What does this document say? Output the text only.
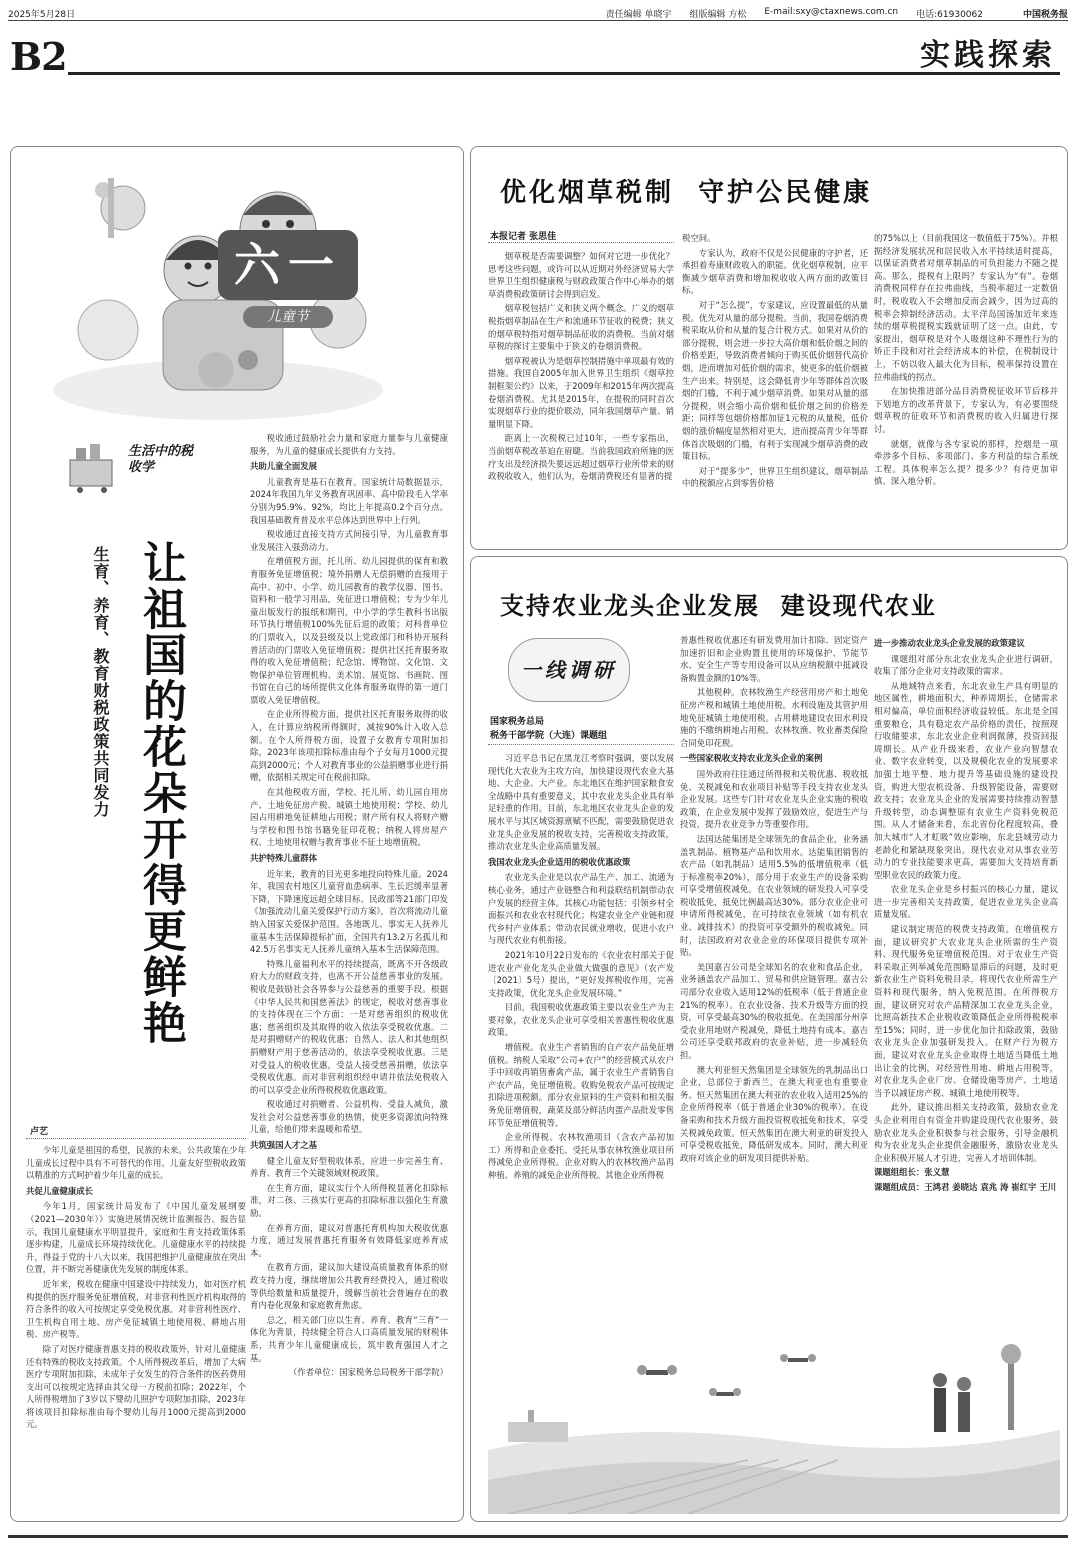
2025年5月28日	责任编辑 单晓宇 组版编辑 方松 E-mail:sxy@ctaxnews.com.cn 电话:61930062	中国税务报
B2	实践探索
六一
儿童节
生活中的税收学
让祖国的花朵开得更鲜艳
生育、养育、教育财税政策共同发力
卢艺

少年儿童是祖国的希望，民族的未来。公共政策在少年儿童成长过程中具有不可替代的作用。儿童友好型税收政策以精准的方式呵护着少年儿童的成长。

共促儿童健康成长

今年1月，国家统计局发布了《中国儿童发展纲要（2021—2030年）》实施进展情况统计监测报告。报告显示，我国儿童健康水平明显提升，家庭和生育支持政策体系逐步构建，儿童成长环境持续优化。儿童健康水平的持续提升，得益于党的十八大以来，我国把维护儿童健康放在突出位置，并不断完善健康优先发展的制度体系。

近年来，税收在健康中国建设中持续发力，如对医疗机构提供的医疗服务免征增值税，对非营利性医疗机构取得的符合条件的收入可按规定享受免税优惠。对非营利性医疗、卫生机构自用土地、房产免征城镇土地使用税、耕地占用税、房产税等。

除了对医疗健康普惠支持的税收政策外，针对儿童健康还有特殊的税收支持政策。个人所得税改革后，增加了大病医疗专项附加扣除，未成年子女发生的符合条件的医药费用支出可以按规定选择由其父母一方税前扣除；2022年，个人所得税增加了3岁以下婴幼儿照护专项附加扣除，2023年将该项目扣除标准由每个婴幼儿每月1000元提高到2000元。

税收通过鼓励社会力量和家庭力量参与儿童健康服务，为儿童的健康成长提供有力支持。

共助儿童全面发展

儿童教育是基石在教育。国家统计局数据显示，2024年我国九年义务教育巩固率、高中阶段毛入学率分别为95.9%、92%，均比上年提高0.2个百分点。我国基础教育普及水平总体达到世界中上行列。

税收通过直接支持方式间接引导，为儿童教育事业发展注入强劲动力。

在增值税方面，托儿所、幼儿园提供的保育和教育服务免征增值税；境外捐赠人无偿捐赠的直接用于高中、初中、小学、幼儿园教育的教学仪器、图书、资料和一般学习用品，免征进口增值税；专为少年儿童出版发行的报纸和期刊，中小学的学生教科书出版环节执行增值税100%先征后退的政策；对科普单位的门票收入，以及县级及以上党政部门和科协开展科普活动的门票收入免征增值税；提供社区托育服务取得的收入免征增值税；纪念馆、博物馆、文化馆、文物保护单位管理机构、美术馆、展览馆、书画院、图书馆在自己的场所提供文化体育服务取得的第一道门票收入免征增值税。

在企业所得税方面，提供社区托育服务取得的收入，在计算应纳税所得额时，减按90%计入收入总额。在个人所得税方面，设置子女教育专项附加扣除，2023年该项扣除标准由每个子女每月1000元提高到2000元；个人对教育事业的公益捐赠事业进行捐赠，依据相关规定可在税前扣除。

在其他税收方面，学校、托儿所、幼儿园自用房产、土地免征房产税、城镇土地使用税；学校、幼儿园占用耕地免征耕地占用税；财产所有权人将财产赠与学校和图书馆书籍免征印花税；纳税人将房屋产权、土地使用权赠与教育事业不征土地增值税。

共护特殊儿童群体

近年来，教育的目光更多地投向特殊儿童。2024年，我国农村地区儿童营血患病率、生长迟缓率显著下降，下降速度远超全球目标。民政部等21部门印发《加强流动儿童关爱保护行动方案》，首次将流动儿童纳入国家关爱保护范围。各地既儿、事实无人抚养儿童基本生活保障提标扩面，全国共有13.2万名孤儿和42.5万名事实无人抚养儿童纳入基本生活保障范围。

特殊儿童福利水平的持续提高，既离不开各级政府大力的财政支持，也离不开公益慈善事业的发展。税收是鼓励社会各界参与公益慈善的重要手段。根据《中华人民共和国慈善法》的规定，税收对慈善事业的支持体现在三个方面：一是对慈善组织的税收优惠；慈善组织及其取得的收入依法享受税收优惠。二是对捐赠财产的税收优惠；自然人、法人和其他组织捐赠财产用于慈善活动的，依法享受税收优惠。三是对受益人的税收优惠，受益人接受慈善捐赠，依法享受税收优惠。而对非营利组织经申请并依法免税收入的可以享受企业所得税税收优惠政策。

税收通过对捐赠者、公益机构、受益人减负，激发社会对公益慈善事业的热情，使更多资源流向特殊儿童，给他们带来温暖和希望。

共筑强国人才之基

健全儿童友好型税收体系，应进一步完善生育、养育、教育三个关键领域财税政策。

在生育方面，建议实行个人所得税显著化扣除标准，对二孩、三孩实行更高的扣除标准以强化生育激励。

在养育方面，建议对普惠托育机构加大税收优惠力度，通过发展普惠托育服务有效降低家庭养育成本。

在教育方面，建议加大建设高质量教育体系的财政支持力度，继续增加公共教育经费投入，通过税收等供给数量和质量提升，缓解当前社会普遍存在的教育内卷化现象和家庭教育焦虑。

总之，相关部门应以生育、养育、教育“三育”一体化为背景，持续健全符合人口高质量发展的财税体系，共育少年儿童健康成长，筑牢教育强国人才之基。

（作者单位：国家税务总局税务干部学院）

优化烟草税制  守护公民健康
本报记者 张思佳

烟草税是否需要调整？如何对它进一步优化？思考这些问题，或许可以从近期对外经济贸易大学世界卫生组织健康税与财政政策合作中心举办的烟草消费税政策研讨会得到启发。

烟草税包括广义和狭义两个概念。广义的烟草税指烟草制品在生产和流通环节征收的税费；狭义的烟草税特指对烟草制品征收的消费税。当前对烟草税的探讨主要集中于狭义的卷烟消费税。

烟草税被认为是烟草控制措施中单项最有效的措施。我国自2005年加入世界卫生组织《烟草控制框架公约》以来，于2009年和2015年两次提高卷烟消费税。尤其是2015年，在提税的同时首次实现烟草行业的提价联动，同年我国烟草产量、销量明显下降。

距离上一次税税已过10年，一些专家指出，当前烟草税改革迫在眉睫。当前我国政府所施的医疗支出及经济损失要远远超过烟草行业所带来的财政税收收入，他们认为，卷烟消费税还有显著的提

税空间。

专家认为，政府不仅是公民健康的守护者，还承担着寿康财政收入的职能。优化烟草税制，应平衡减少烟草消费和增加税收收入两方面的政策目标。

对于“怎么提”，专家建议，应设置最低的从量税。优先对从量的部分提税。当前，我国卷烟消费税采取从价和从量的复合计税方式。如果对从价的部分提税，则会进一步拉大高价烟和低价烟之间的价格差距，导致消费者倾向于购买低价烟替代高价烟，进而增加对低价烟的需求，使更多的低价烟被生产出来。特别是，这会降低青少年等群体首次吸烟的门槛，不利于减少烟草消费。如果对从量的部分提税，则会缩小高价烟和低价烟之间的价格差距；同样等包烟价格都加征1元税的从量税，低价烟的涨价幅度显然相对更大，进而提高青少年等群体首次吸烟的门槛，有利于实现减少烟草消费的政策目标。

对于“提多少”，世界卫生组织建议，烟草制品中的税额应占到零售价格

的75%以上（目前我国这一数值低于75%）。并根据经济发展状况和居民收入水平持续适时提高，以保证消费者对烟草制品的可负担能力不随之提高。那么，提税有上限吗？专家认为“有”。卷烟消费税同样存在拉弗曲线，当税率超过一定数值时，税收收入不会增加反而会减少，因为过高的税率会抑制经济活动。太平洋岛国汤加近年来连续的烟草税提税实践就证明了这一点。由此，专家提出，烟草税是对个人吸烟这种不理性行为的矫正手段和对社会经济成本的补偿，在税制设计上，不妨以收入最大化为目标，税率保持设置在拉弗曲线的拐点。

在加快推进部分品目消费税征收环节后移并下划地方的改革背景下，专家认为，有必要围绕烟草税的征收环节和消费税的收入归属进行探讨。

就烟，就像与各专家说的那样，控烟是一项牵涉多个目标、多项部门、多方利益的综合系统工程。具体税率怎么提？提多少？有待更加审慎、深入地分析。

支持农业龙头企业发展  建设现代农业
一线调研
国家税务总局
税务干部学院（大连）课题组

习近平总书记在黑龙江考察时强调，要以发展现代化大农业为主攻方向，加快建设现代农业大基地、大企业、大产业。东北地区在维护国家粮食安全战略中具有重要意义，其中农业龙头企业具有举足轻重的作用。目前，东北地区农业龙头企业的发展水平与其区域资源禀赋不匹配，需要鼓励促进农业龙头企业发展的税收支持，完善税收支持政策，推动农业龙头企业高质量发展。

我国农业龙头企业适用的税收优惠政策

农业龙头企业是以农产品生产、加工、流通为核心业务，通过产业链整合和利益联结机制带动农户发展的经营主体。其核心功能包括：引领乡村全面振兴和农业农村现代化；构建农业全产业链和现代乡村产业体系；带动农民就业增收，促进小农户与现代农业有机衔接。

2021年10月22日发布的《农业农村部关于促进农业产业化龙头企业做大做强的意见》（农产发〔2021〕5号）提出，“更好发挥税收作用，完善支持政策，优化龙头企业发展环境。”

目前，我国税收优惠政策主要以农业生产为主要对象，农业龙头企业可享受相关普惠性税收优惠政策。

增值税。农业生产者销售的自产农产品免征增值税。纳税人采取“公司+农户”的经营模式从农户手中回收再销售畜禽产品，属于农业生产者销售自产农产品，免征增值税。收购免税农产品可按规定扣除进项税额。部分农业原料的生产资料和相关服务免征增值税，蔬菜及部分鲜活肉蛋产品批发零售环节免征增值税等。

企业所得税。农林牧渔项目（含农产品初加工）所得和企业委托、受托从事农林牧渔业项目所得减免企业所得税。企业对购入的农林牧渔产品再种植、养殖的减免企业所得税。其他企业所得税

普惠性税收优惠还有研发费用加计扣除、固定资产加速折旧和企业购置且使用的环境保护、节能节水、安全生产等专用设备可以从应纳税额中抵减设备购置金额的10%等。

其他税种。农林牧渔生产经营用房产和土地免征房产税和城镇土地使用税。水利设施及其管护用地免征城镇土地使用税。占用耕地建设农田水利设施的不缴纳耕地占用税。农林牧渔、牧业畜类保险合同免印花税。

一些国家税收支持农业龙头企业的案例

国外政府往往通过所得税和关税优惠、税收抵免、关税减免和农业项目补贴等手段支持农业龙头企业发展。这些专门针对农业龙头企业实施的税收政策，在企业发展中发挥了鼓励效应，促进生产与投资，提升农业竞争力等重要作用。

法国达能集团是全球领先的食品企业，业务涵盖乳制品、植物基产品和饮用水。达能集团销售的农产品（如乳制品）适用5.5%的低增值税率（低于标准税率20%），部分用于农业生产的设备采购可享受增值税减免。在农业领域的研发投入可享受税收抵免，抵免比例最高达30%。部分农业企业可申请所得税减免，在可持续农业领域（如有机农业、减排技术）的投资可享受额外的税收减免。同时，法国政府对农业企业的环保项目提供专项补贴。

美国嘉吉公司是全球知名的农业和食品企业，业务涵盖农产品加工、贸易和供应链管理。嘉吉公司部分农业收入适用12%的低税率（低于普通企业21%的税率）。在农业设备、技术升级等方面的投资，可享受最高30%的税收抵免。在美国部分州享受农业用地财产税减免，降低土地持有成本。嘉吉公司还享受联邦政府的农业补贴，进一步减轻负担。

澳大利亚恒天然集团是全球领先的乳制品出口企业，总部位于新西兰，在澳大利亚也有重要业务。恒天然集团在澳大利亚的农业收入适用25%的企业所得税率（低于普通企业30%的税率）。在设备采购和技术升级方面投资税收抵免和技术，享受关税减免政策。恒天然集团在澳大利亚的研发投入可享受税收抵免，降低研发成本。同时，澳大利亚政府对该企业的研发项目提供补贴。

进一步推动农业龙头企业发展的政策建议

课题组对部分东北农业龙头企业进行调研，收集了部分企业对支持政策的需求。

从地域特点来看，东北农业生产具有明显的地区属性，耕地面积大，种养周期长，仓储需求相对偏高，单位面积经济收益较低。东北是全国重要粮仓，具有稳定农产品价格的责任，按照现行收储要求，东北农业企业利润微薄，投资回报周期长。从产业升级来看，农业产业向智慧农业、数字农业转变，以及规模化农业的发展要求加强土地平整、地力提升等基础设施的建设投资，购进大型农机设备、升级智能设备，需要财政支持；农业龙头企业的发展需要持续推动智慧升级转型，动态调整原有农业生产资料免税范围。从人才储备来看，东北省份化程度较高，叠加大城市“人才虹吸”效应影响，东北县域劳动力老龄化和紧缺现象突出。现代农业对从事农业劳动力的专业技能要求更高，需要加大支持培育新型职业农民的政策力度。

农业龙头企业是乡村振兴的核心力量，建议进一步完善相关支持政策，促进农业龙头企业高质量发展。

建议制定规范的税费支持政策。在增值税方面，建议研究扩大农业龙头企业所需的生产资料、现代服务免征增值税范围。对于农业生产资料采取正列举减免范围略显滞后的问题，及时更新农业生产资料免税目录，将现代农业所需生产资料和现代服务，纳入免税范围。在所得税方面，建议研究对农产品精深加工农业龙头企业，比照高新技术企业税收政策降低企业所得税税率至15%；同时，进一步优化加计扣除政策，鼓励农业龙头企业加强研发投入。在财产行为税方面，建议对农业龙头企业取得土地适当降低土地出让金的比例，对经营性用地、耕地占用税等，对农业龙头企业厂房、仓储设施等房产、土地适当予以减征房产税、城镇土地使用税等。

此外，建议推出相关支持政策，鼓励农业龙头企业利用自有资金并购建设现代农业服务，鼓励农业龙头企业积极参与社会服务，引导金融机构为农业龙头企业提供金融服务，激励农业龙头企业积极开展人才引进，完善人才培训体制。

课题组组长：张义慧

课题组成员：王鸿君 姜晓达 袁兆 涛 崔红宇 王川
